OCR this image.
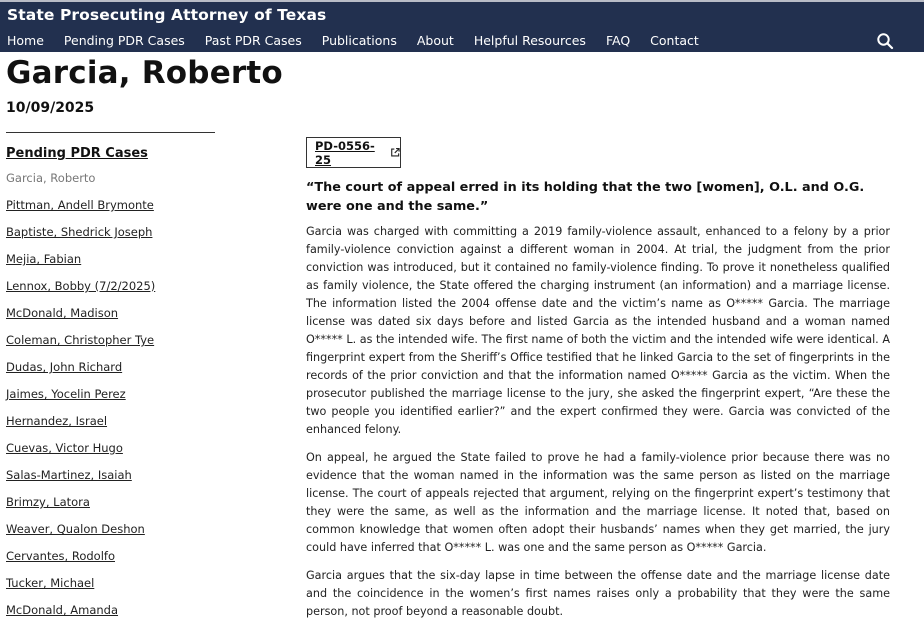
State Prosecuting Attorney of Texas
Home Pending PDR Cases Past PDR Cases Publications About Helpful Resources FAQ Contact
Garcia, Roberto
10/09/2025
Pending PDR Cases
Garcia, Roberto
Pittman, Andell Brymonte
Baptiste, Shedrick Joseph
Mejia, Fabian
Lennox, Bobby (7/2/2025)
McDonald, Madison
Coleman, Christopher Tye
Dudas, John Richard
Jaimes, Yocelin Perez
Hernandez, Israel
Cuevas, Victor Hugo
Salas-Martinez, Isaiah
Brimzy, Latora
Weaver, Qualon Deshon
Cervantes, Rodolfo
Tucker, Michael
McDonald, Amanda
PD-0556-25
“The court of appeal erred in its holding that the two [women], O.L. and O.G. were one and the same.”

Garcia was charged with committing a 2019 family-violence assault, enhanced to a felony by a prior family-violence conviction against a different woman in 2004. At trial, the judgment from the prior conviction was introduced, but it contained no family-violence finding. To prove it nonetheless qualified as family violence, the State offered the charging instrument (an information) and a marriage license. The information listed the 2004 offense date and the victim’s name as O***** Garcia. The marriage license was dated six days before and listed Garcia as the intended husband and a woman named O***** L. as the intended wife. The first name of both the victim and the intended wife were identical. A fingerprint expert from the Sheriff’s Office testified that he linked Garcia to the set of fingerprints in the records of the prior conviction and that the information named O***** Garcia as the victim. When the prosecutor published the marriage license to the jury, she asked the fingerprint expert, “Are these the two people you identified earlier?” and the expert confirmed they were. Garcia was convicted of the enhanced felony.

On appeal, he argued the State failed to prove he had a family-violence prior because there was no evidence that the woman named in the information was the same person as listed on the marriage license. The court of appeals rejected that argument, relying on the fingerprint expert’s testimony that they were the same, as well as the information and the marriage license. It noted that, based on common knowledge that women often adopt their husbands’ names when they get married, the jury could have inferred that O***** L. was one and the same person as O***** Garcia.

Garcia argues that the six-day lapse in time between the offense date and the marriage license date and the coincidence in the women’s first names raises only a probability that they were the same person, not proof beyond a reasonable doubt.
